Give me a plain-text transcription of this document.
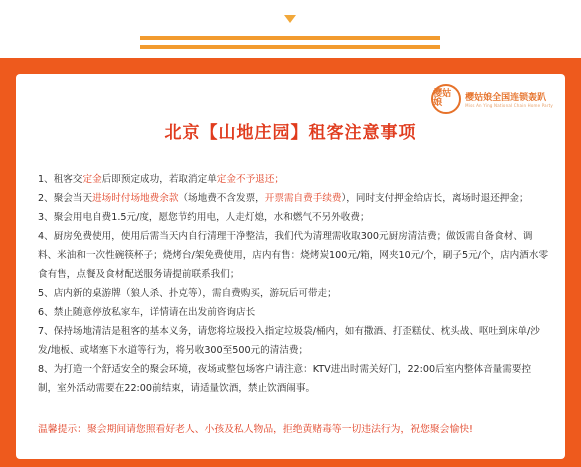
樱姑娘	樱姑娘全国连锁轰趴
Miss An Ying National Chain Home Party
北京【山地庄园】租客注意事项

1、租客交定金后即预定成功，若取消定单定金不予退还；

2、聚会当天进场时付场地费余款（场地费不含发票，开票需自费手续费），同时支付押金给店长，离场时退还押金；

3、聚会用电自费1.5元/度，愿您节约用电，人走灯熄，水和燃气不另外收费；

4、厨房免费使用，使用后需当天内自行清理干净整洁，我们代为清理需收取300元厨房清洁费；做饭需自备食材、调料、米油和一次性碗筷杯子；烧烤台/架免费使用，店内有售：烧烤炭100元/箱，网夹10元/个，刷子5元/个，店内酒水零食有售，点餐及食材配送服务请提前联系我们；

5、店内新的桌游牌（狼人杀、扑克等），需自费购买，游玩后可带走；

6、禁止随意停放私家车，详情请在出发前咨询店长

7、保持场地清洁是租客的基本义务，请您将垃圾投入指定垃圾袋/桶内，如有撒酒、打歪糕仗、枕头战、呕吐到床单/沙发/地板、或堵塞下水道等行为，将另收300至500元的清洁费；

8、为打造一个舒适安全的聚会环境，夜场或整包场客户请注意：KTV进出时需关好门，22:00后室内整体音量需要控制，室外活动需要在22:00前结束，请适量饮酒，禁止饮酒闹事。

温馨提示：聚会期间请您照看好老人、小孩及私人物品，拒绝黄赌毒等一切违法行为，祝您聚会愉快!
